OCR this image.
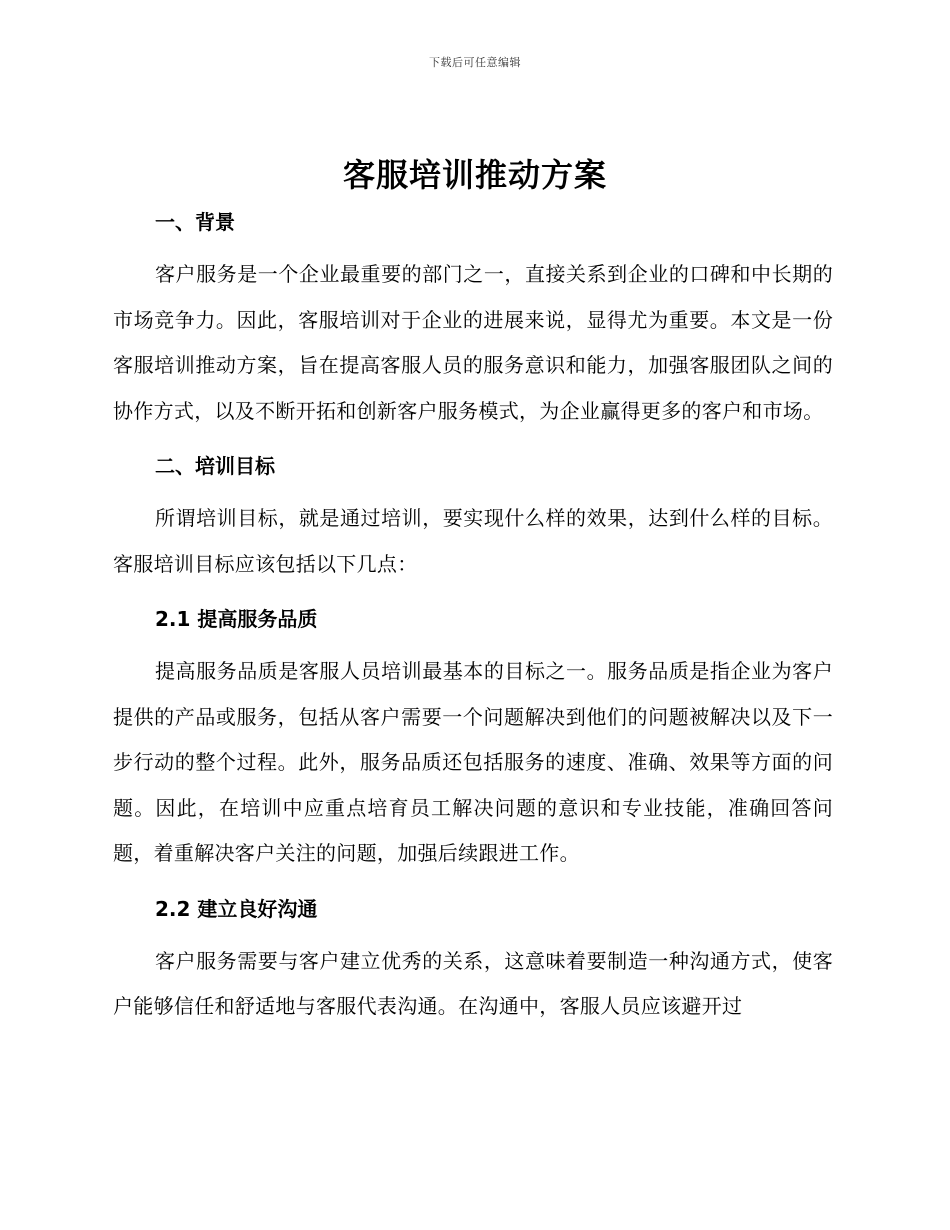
下载后可任意编辑
客服培训推动方案
一、背景

客户服务是一个企业最重要的部门之一，直接关系到企业的口碑和中长期的市场竞争力。因此，客服培训对于企业的进展来说，显得尤为重要。本文是一份客服培训推动方案，旨在提高客服人员的服务意识和能力，加强客服团队之间的协作方式，以及不断开拓和创新客户服务模式，为企业赢得更多的客户和市场。

二、培训目标

所谓培训目标，就是通过培训，要实现什么样的效果，达到什么样的目标。客服培训目标应该包括以下几点：

2.1 提高服务品质

提高服务品质是客服人员培训最基本的目标之一。服务品质是指企业为客户提供的产品或服务，包括从客户需要一个问题解决到他们的问题被解决以及下一步行动的整个过程。此外，服务品质还包括服务的速度、准确、效果等方面的问题。因此，在培训中应重点培育员工解决问题的意识和专业技能，准确回答问题，着重解决客户关注的问题，加强后续跟进工作。

2.2 建立良好沟通

客户服务需要与客户建立优秀的关系，这意味着要制造一种沟通方式，使客户能够信任和舒适地与客服代表沟通。在沟通中，客服人员应该避开过
